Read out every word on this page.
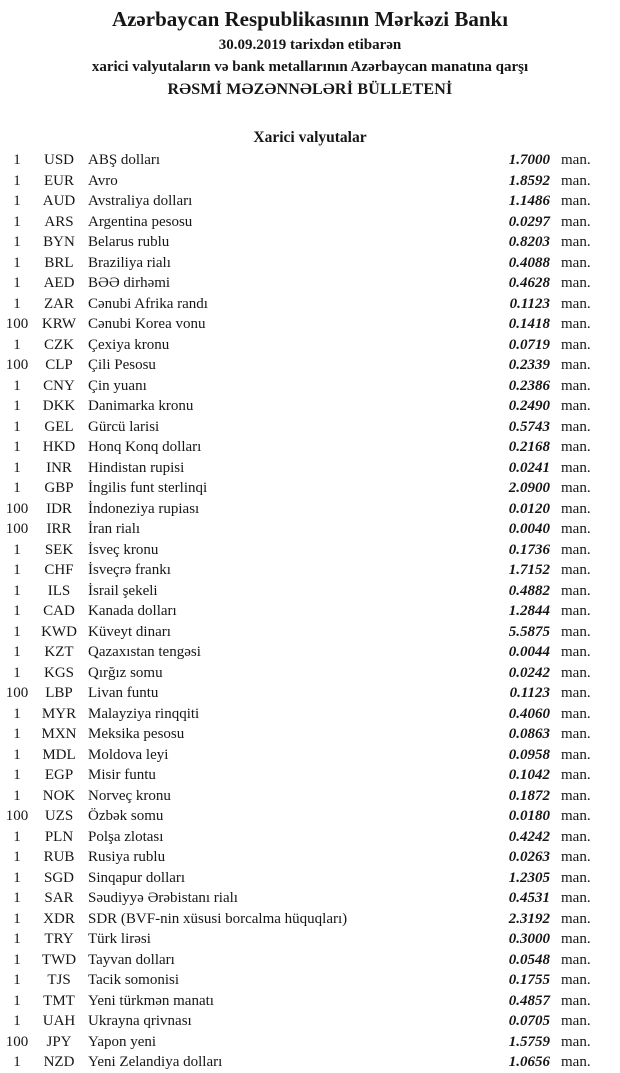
Azərbaycan Respublikasının Mərkəzi Bankı
30.09.2019 tarixdən etibarən
xarici valyutaların və bank metallarının Azərbaycan manatına qarşı
RƏSMİ MƏZƏNNƏLƏRİ BÜLLETENİ
Xarici valyutalar
1	USD ABŞ dolları	1.7000 man.
1	EUR Avro	1.8592 man.
1	AUD Avstraliya dolları	1.1486 man.
1	ARS Argentina pesosu	0.0297 man.
1	BYN Belarus rublu	0.8203 man.
1	BRL Braziliya rialı	0.4088 man.
1	AED BƏƏ dirhəmi	0.4628 man.
1	ZAR Cənubi Afrika randı	0.1123 man.
100 KRW Cənubi Korea vonu	0.1418 man.
1	CZK Çexiya kronu	0.0719 man.
100	CLP	Çili Pesosu	0.2339 man.
1	CNY Çin yuanı	0.2386 man.
1	DKK Danimarka kronu	0.2490 man.
1	GEL Gürcü larisi	0.5743 man.
1	HKD Honq Konq dolları	0.2168 man.
1	INR	Hindistan rupisi	0.0241 man.
1	GBP İngilis funt sterlinqi	2.0900 man.
100	IDR	İndoneziya rupiası	0.0120 man.
100	IRR	İran rialı	0.0040 man.
1	SEK İsveç kronu	0.1736 man.
1	CHF İsveçrə frankı	1.7152 man.
1	ILS	İsrail şekeli	0.4882 man.
1	CAD Kanada dolları	1.2844 man.
1	KWD Küveyt dinarı	5.5875 man.
1	KZT Qazaxıstan tengəsi	0.0044 man.
1	KGS Qırğız somu	0.0242 man.
100	LBP	Livan funtu	0.1123 man.
1	MYR Malayziya rinqqiti	0.4060 man.
1	MXN Meksika pesosu	0.0863 man.
1	MDL Moldova leyi	0.0958 man.
1	EGP Misir funtu	0.1042 man.
1	NOK Norveç kronu	0.1872 man.
100	UZS Özbək somu	0.0180 man.
1	PLN Polşa zlotası	0.4242 man.
1	RUB Rusiya rublu	0.0263 man.
1	SGD Sinqapur dolları	1.2305 man.
1	SAR Səudiyyə Ərəbistanı rialı	0.4531 man.
1	XDR SDR (BVF-nin xüsusi borcalma hüquqları)	2.3192 man.
1	TRY Türk lirəsi	0.3000 man.
1	TWD Tayvan dolları	0.0548 man.
1	TJS	Tacik somonisi	0.1755 man.
1	TMT Yeni türkmən manatı	0.4857 man.
1	UAH Ukrayna qrivnası	0.0705 man.
100	JPY	Yapon yeni	1.5759 man.
1	NZD Yeni Zelandiya dolları	1.0656 man.
